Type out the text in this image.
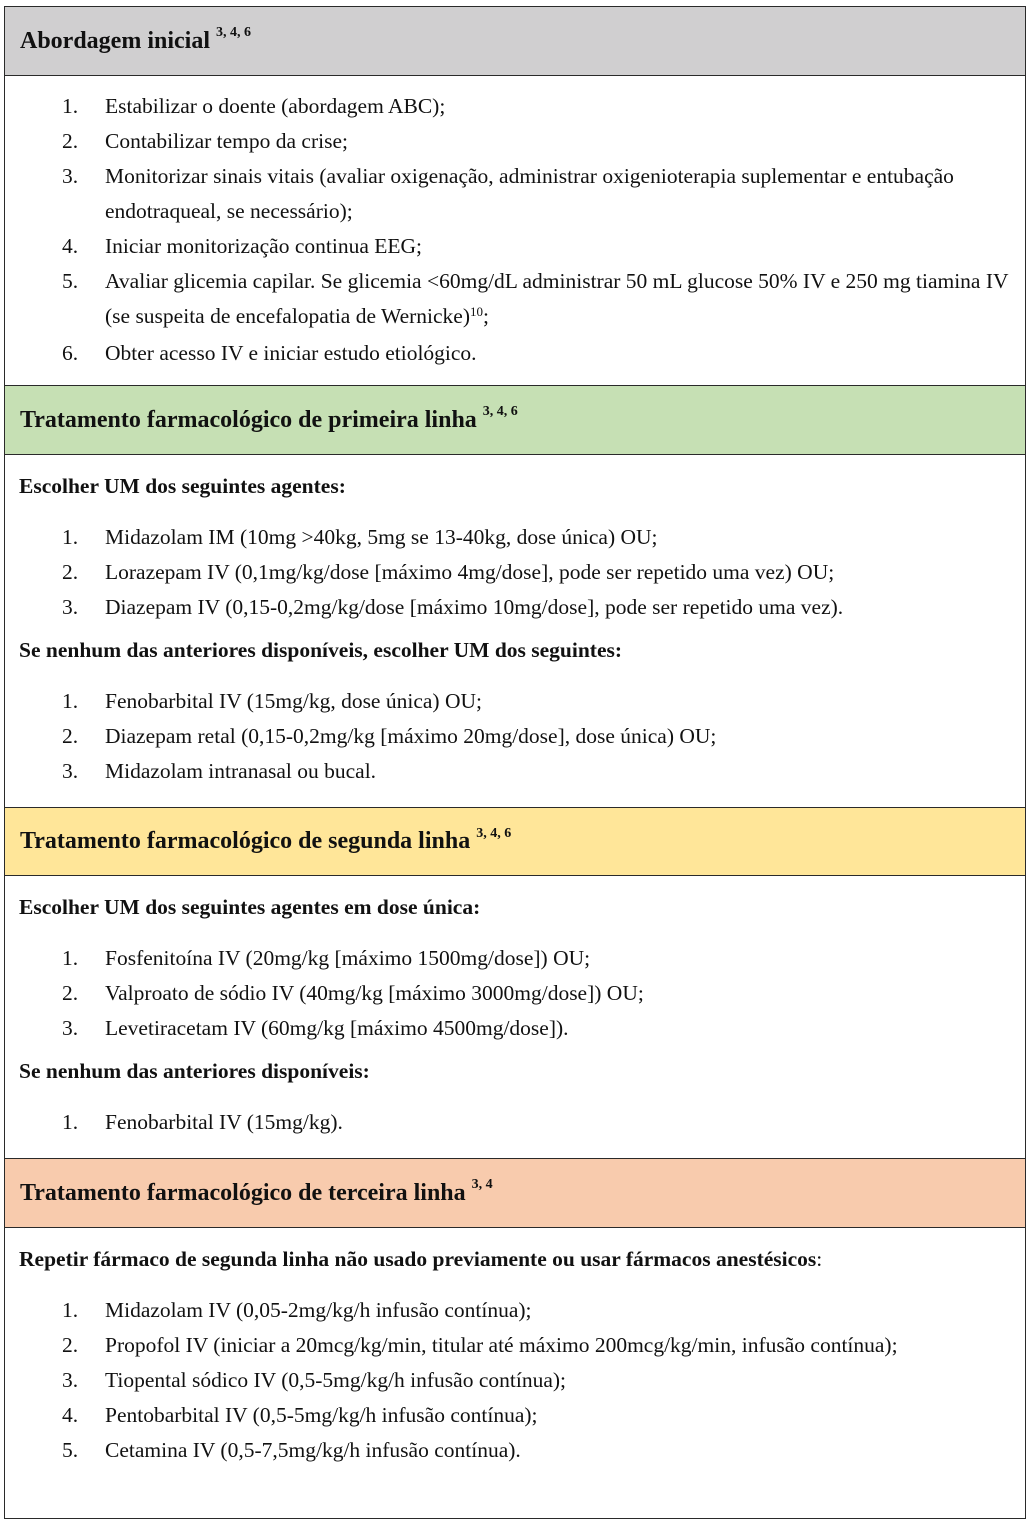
Abordagem inicial $^{3, 4, 6}$
1. Estabilizar o doente (abordagem ABC);
2. Contabilizar tempo da crise;
3. Monitorizar sinais vitais (avaliar oxigenação, administrar oxigenioterapia suplementar e entubação endotraqueal, se necessário);
4. Iniciar monitorização continua EEG;
5. Avaliar glicemia capilar. Se glicemia <60mg/dL administrar 50 mL glucose 50% IV e 250 mg tiamina IV (se suspeita de encefalopatia de Wernicke)$^{10}$;
6. Obter acesso IV e iniciar estudo etiológico.
Tratamento farmacológico de primeira linha $^{3, 4, 6}$
Escolher UM dos seguintes agentes:
1. Midazolam IM (10mg >40kg, 5mg se 13-40kg, dose única) OU;
2. Lorazepam IV (0,1mg/kg/dose [máximo 4mg/dose], pode ser repetido uma vez) OU;
3. Diazepam IV (0,15-0,2mg/kg/dose [máximo 10mg/dose], pode ser repetido uma vez).
Se nenhum das anteriores disponíveis, escolher UM dos seguintes:
1. Fenobarbital IV (15mg/kg, dose única) OU;
2. Diazepam retal (0,15-0,2mg/kg [máximo 20mg/dose], dose única) OU;
3. Midazolam intranasal ou bucal.
Tratamento farmacológico de segunda linha $^{3, 4, 6}$
Escolher UM dos seguintes agentes em dose única:
1. Fosfenitoína IV (20mg/kg [máximo 1500mg/dose]) OU;
2. Valproato de sódio IV (40mg/kg [máximo 3000mg/dose]) OU;
3. Levetiracetam IV (60mg/kg [máximo 4500mg/dose]).
Se nenhum das anteriores disponíveis:
1. Fenobarbital IV (15mg/kg).
Tratamento farmacológico de terceira linha $^{3, 4}$
Repetir fármaco de segunda linha não usado previamente ou usar fármacos anestésicos:
1. Midazolam IV (0,05-2mg/kg/h infusão contínua);
2. Propofol IV (iniciar a 20mcg/kg/min, titular até máximo 200mcg/kg/min, infusão contínua);
3. Tiopental sódico IV (0,5-5mg/kg/h infusão contínua);
4. Pentobarbital IV (0,5-5mg/kg/h infusão contínua);
5. Cetamina IV (0,5-7,5mg/kg/h infusão contínua).
